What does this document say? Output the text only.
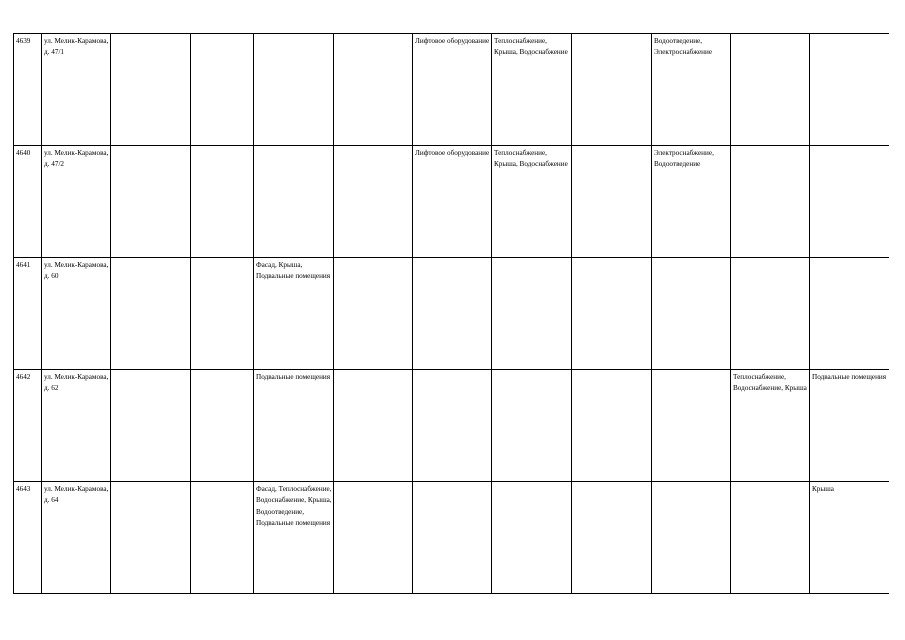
4639	ул. Мелик-Карамова, д. 47/1					Лифтовое оборудование	Теплоснабжение, Крыша, Водоснабжение		Водоотведение, Электроснабжение		
4640	ул. Мелик-Карамова, д. 47/2					Лифтовое оборудование	Теплоснабжение, Крыша, Водоснабжение		Электроснабжение, Водоотведение		
4641	ул. Мелик-Карамова, д. 60			Фасад, Крыша, Подвальные помещения							
4642	ул. Мелик-Карамова, д. 62			Подвальные помещения						Теплоснабжение, Водоснабжение, Крыша	Подвальные помещения
4643	ул. Мелик-Карамова, д. 64			Фасад, Теплоснабжение, Водоснабжение, Крыша, Водоотведение, Подвальные помещения							Крыша
